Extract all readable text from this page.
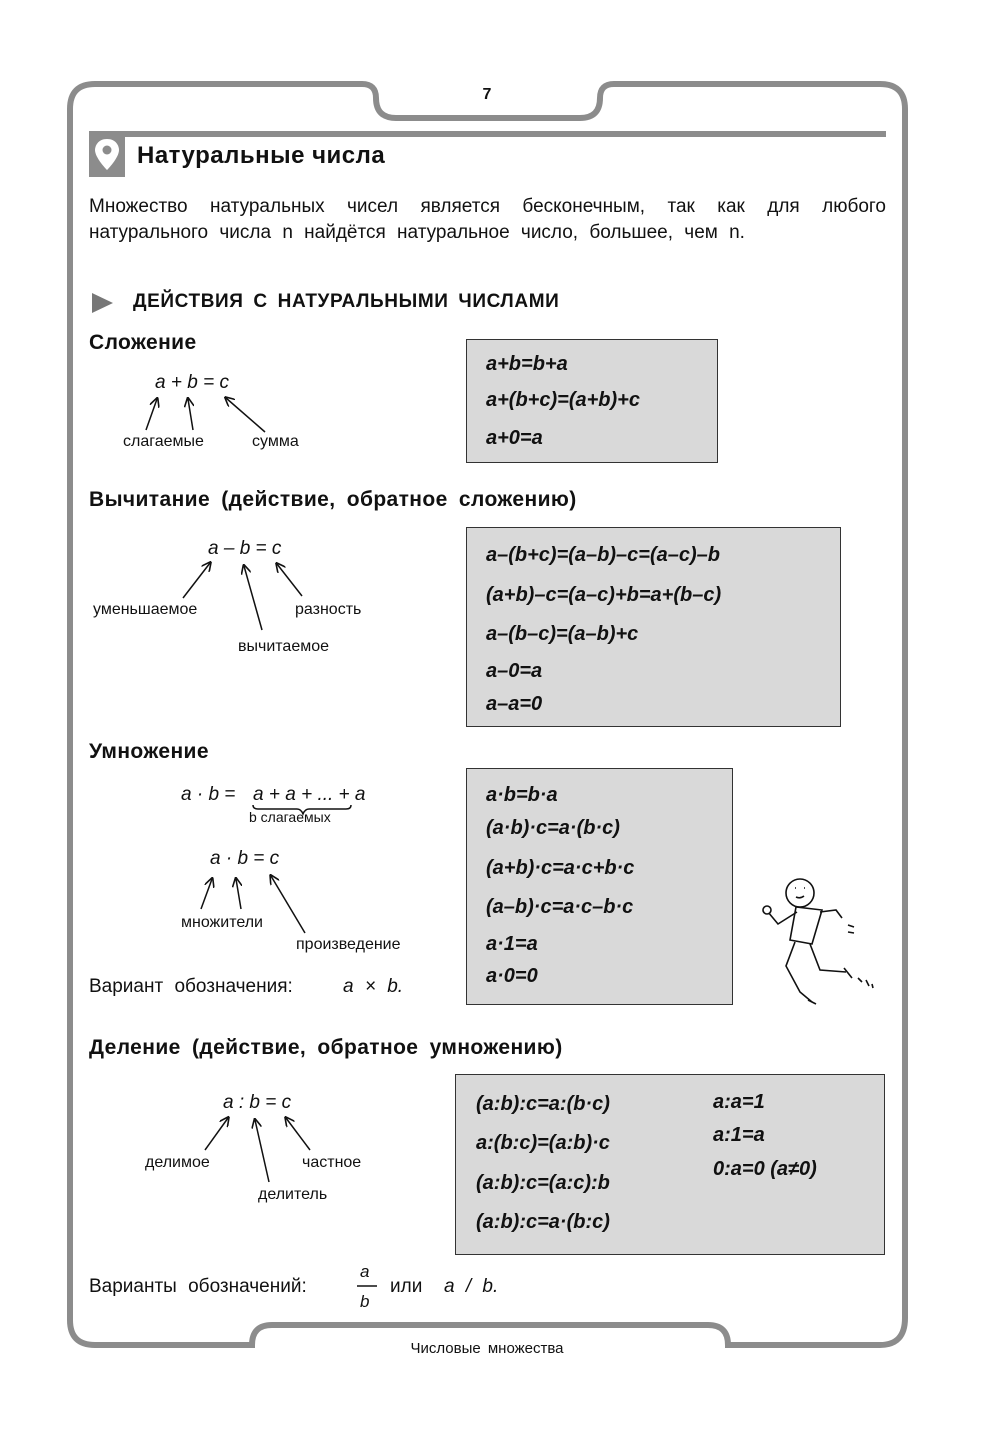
7
Натуральные числа
Множество натуральных чисел является бесконечным, так как для любого натурального числа n найдётся натуральное число, большее, чем n.
ДЕЙСТВИЯ С НАТУРАЛЬНЫМИ ЧИСЛАМИ
Сложение
a + b = c
слагаемые	сумма
a+b=b+a
a+(b+c)=(a+b)+c
a+0=a
Вычитание (действие, обратное сложению)
a – b = c
уменьшаемое	разность
вычитаемое
a–(b+c)=(a–b)–c=(a–c)–b
(a+b)–c=(a–c)+b=a+(b–c)
a–(b–c)=(a–b)+c
a–0=a
a–a=0
Умножение
a · b = a + a + ... + a
b слагаемых
a · b = c
множители
произведение
Вариант обозначения:	a × b.
a·b=b·a
(a·b)·c=a·(b·c)
(a+b)·c=a·c+b·c
(a–b)·c=a·c–b·c
a·1=a
a·0=0
Деление (действие, обратное умножению)
a : b = c
делимое	частное
делитель
(a:b):c=a:(b·c)
a:(b:c)=(a:b)·c
(a:b):c=(a:c):b
(a:b):c=a·(b:c)
a:a=1
a:1=a
0:a=0 (a≠0)
Варианты обозначений:
a
b
или a / b.
Числовые множества
